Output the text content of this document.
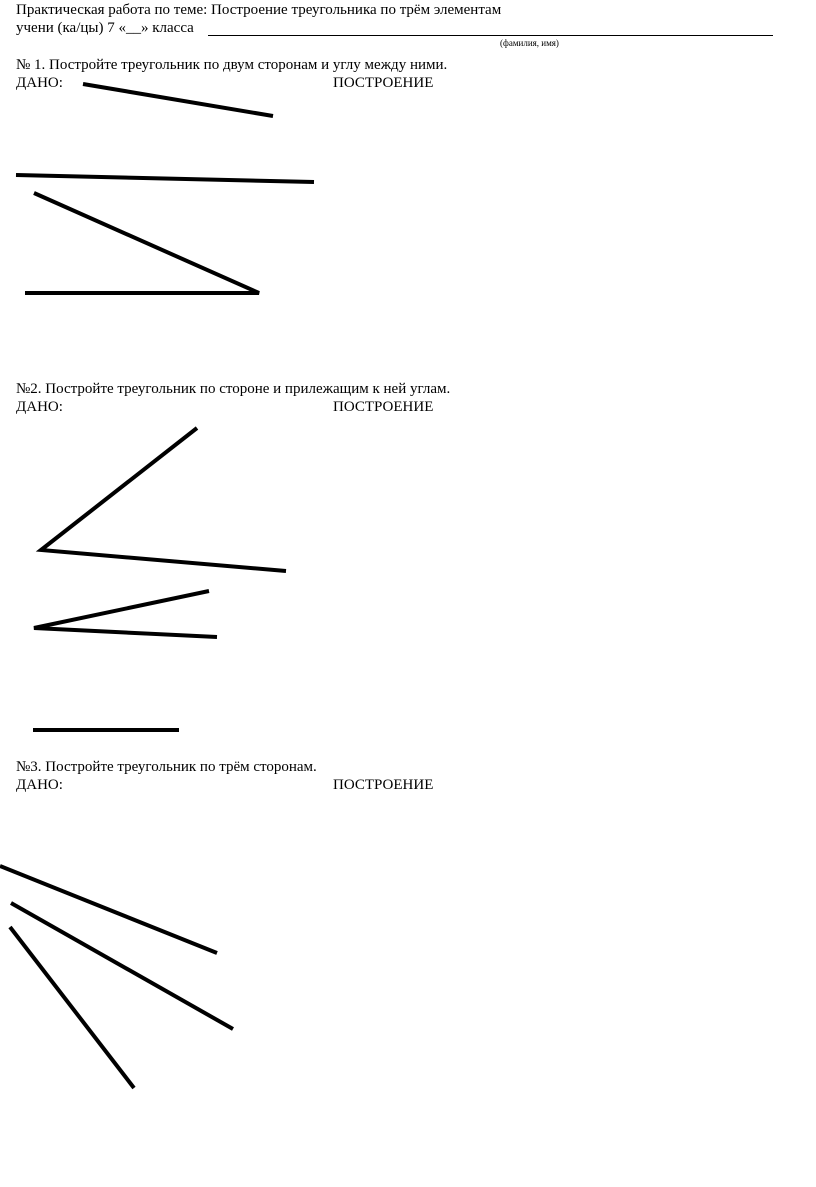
Практическая работа по теме: Построение треугольника по трём элементам
учени (ка/цы) 7 «__» класса
(фамилия, имя)
№ 1. Постройте треугольник по двум сторонам и углу между ними.
ДАНО:	ПОСТРОЕНИЕ
№2. Постройте треугольник по стороне и прилежащим к ней углам.
ДАНО:	ПОСТРОЕНИЕ
№3. Постройте треугольник по трём сторонам.
ДАНО:	ПОСТРОЕНИЕ
